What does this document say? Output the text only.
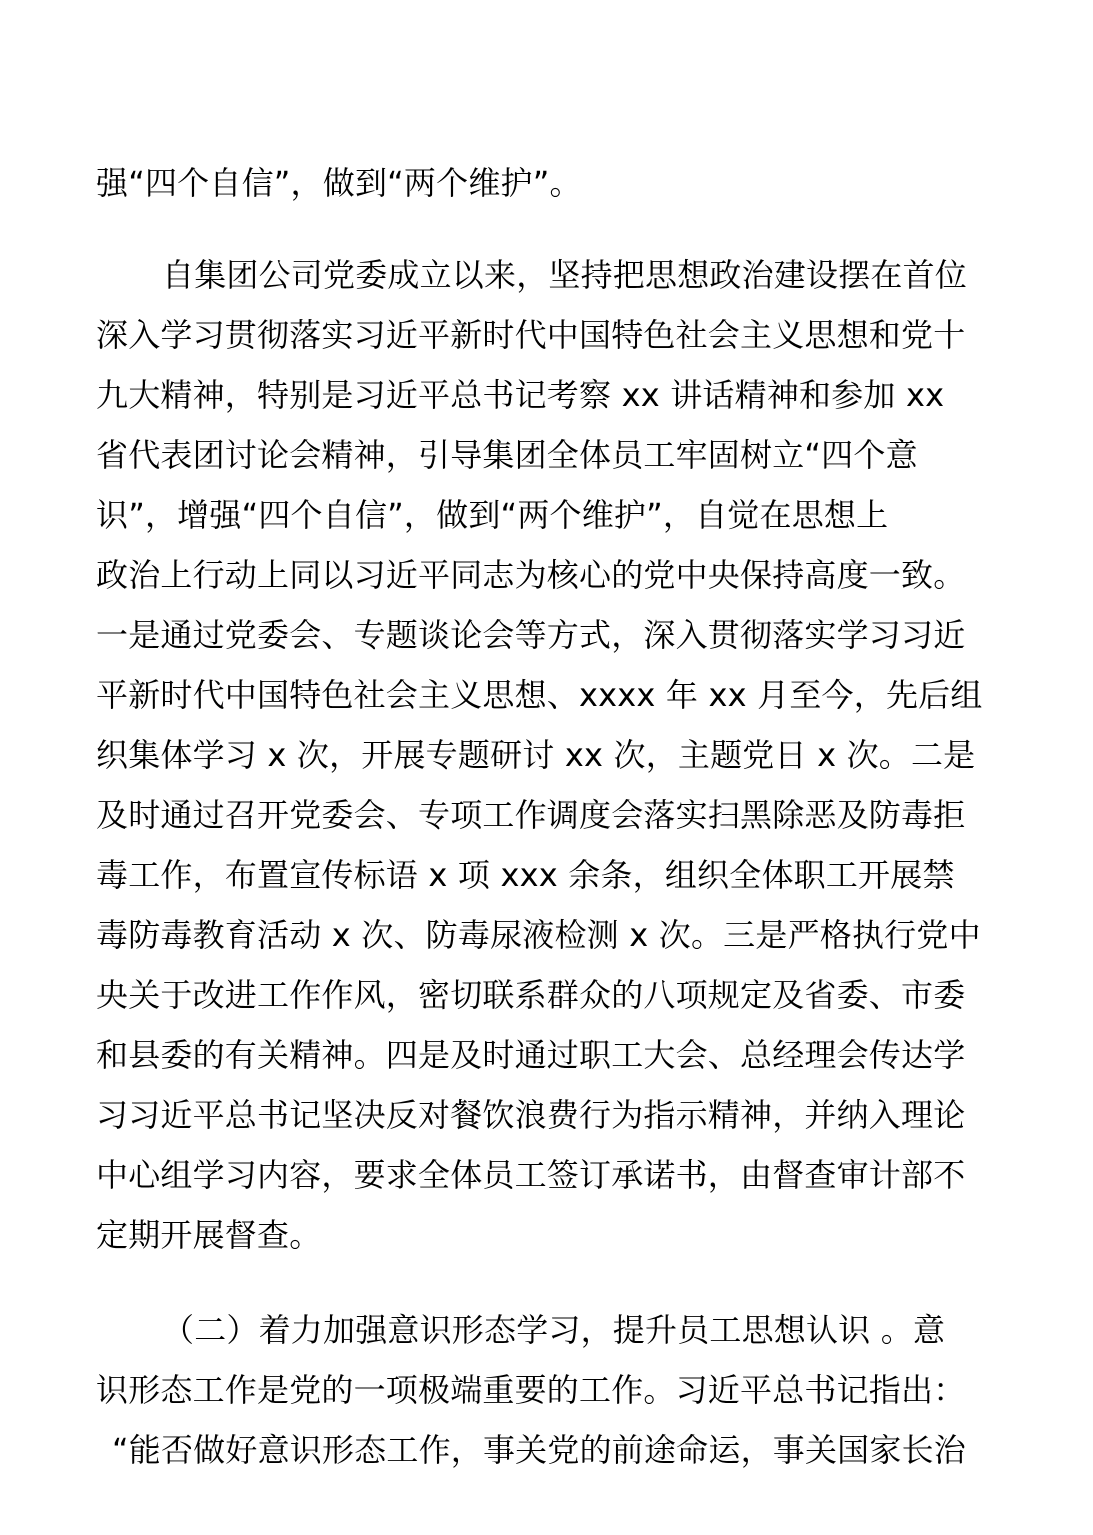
强“四个自信”，做到“两个维护”。
自集团公司党委成立以来，坚持把思想政治建设摆在首位
深入学习贯彻落实习近平新时代中国特色社会主义思想和党十
九大精神，特别是习近平总书记考察 xx 讲话精神和参加 xx
省代表团讨论会精神，引导集团全体员工牢固树立“四个意
识”，增强“四个自信”，做到“两个维护”，自觉在思想上
政治上行动上同以习近平同志为核心的党中央保持高度一致。
一是通过党委会、专题谈论会等方式，深入贯彻落实学习习近
平新时代中国特色社会主义思想、xxxx 年 xx 月至今，先后组
织集体学习 x 次，开展专题研讨 xx 次，主题党日 x 次。二是
及时通过召开党委会、专项工作调度会落实扫黑除恶及防毒拒
毒工作，布置宣传标语 x 项 xxx 余条，组织全体职工开展禁
毒防毒教育活动 x 次、防毒尿液检测 x 次。三是严格执行党中
央关于改进工作作风，密切联系群众的八项规定及省委、市委
和县委的有关精神。四是及时通过职工大会、总经理会传达学
习习近平总书记坚决反对餐饮浪费行为指示精神，并纳入理论
中心组学习内容，要求全体员工签订承诺书，由督查审计部不
定期开展督查。
（二）着力加强意识形态学习，提升员工思想认识 。意
识形态工作是党的一项极端重要的工作。习近平总书记指出：
“能否做好意识形态工作，事关党的前途命运，事关国家长治
